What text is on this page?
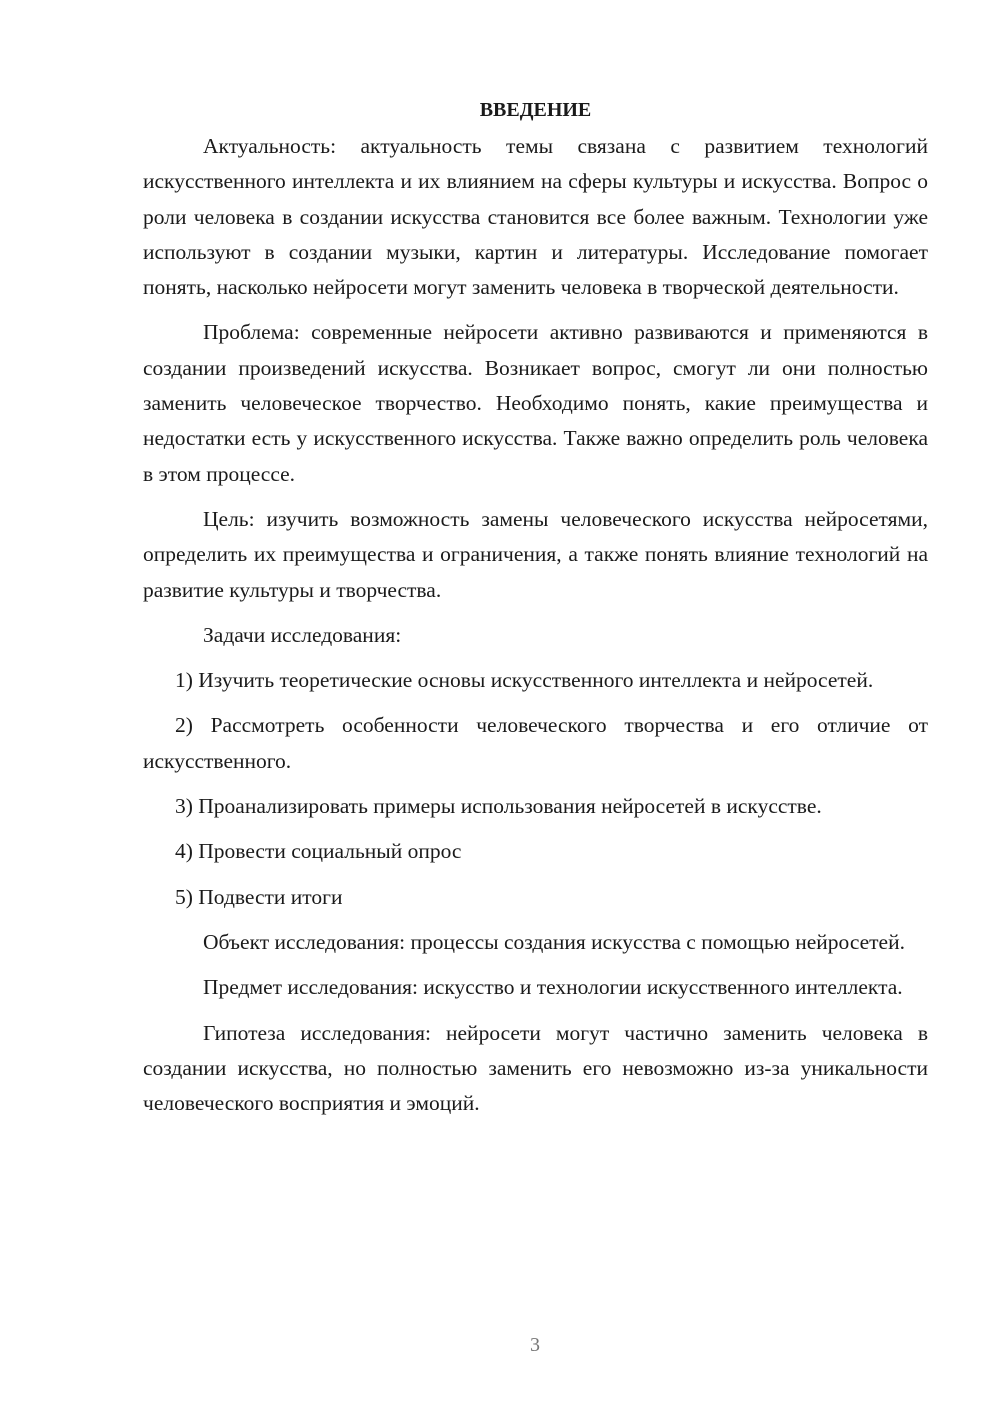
ВВЕДЕНИЕ

Актуальность: актуальность темы связана с развитием технологий искусственного интеллекта и их влиянием на сферы культуры и искусства. Вопрос о роли человека в создании искусства становится все более важным. Технологии уже используют в создании музыки, картин и литературы. Исследование помогает понять, насколько нейросети могут заменить человека в творческой деятельности.

Проблема: современные нейросети активно развиваются и применяются в создании произведений искусства. Возникает вопрос, смогут ли они полностью заменить человеческое творчество. Необходимо понять, какие преимущества и недостатки есть у искусственного искусства. Также важно определить роль человека в этом процессе.

Цель: изучить возможность замены человеческого искусства нейросетями, определить их преимущества и ограничения, а также понять влияние технологий на развитие культуры и творчества.

Задачи исследования:

1) Изучить теоретические основы искусственного интеллекта и нейросетей.

2) Рассмотреть особенности человеческого творчества и его отличие от искусственного.

3) Проанализировать примеры использования нейросетей в искусстве.

4) Провести социальный опрос

5) Подвести итоги

Объект исследования: процессы создания искусства с помощью нейросетей.

Предмет исследования: искусство и технологии искусственного интеллекта.

Гипотеза исследования: нейросети могут частично заменить человека в создании искусства, но полностью заменить его невозможно из-за уникальности человеческого восприятия и эмоций.

3
